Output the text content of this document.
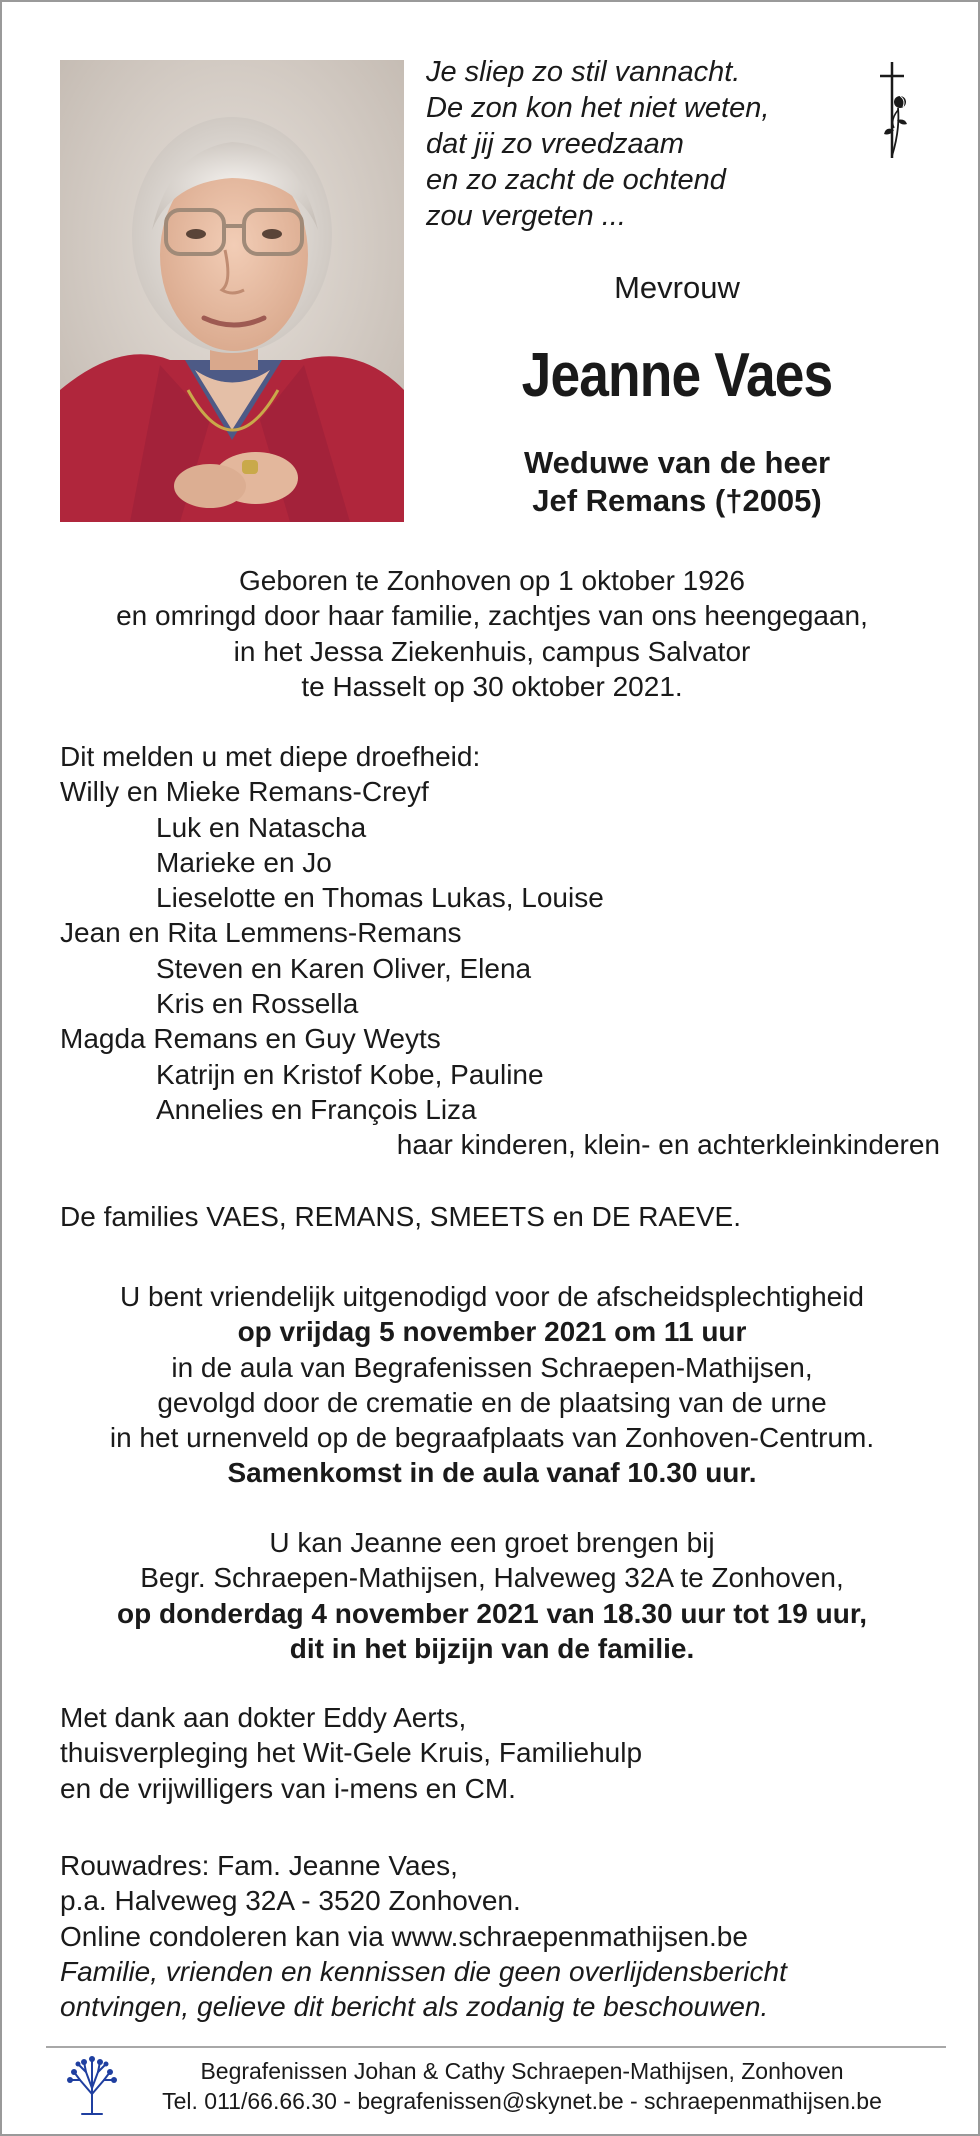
Je sliep zo stil vannacht.
De zon kon het niet weten,
dat jij zo vreedzaam
en zo zacht de ochtend
zou vergeten ...
Mevrouw
Jeanne Vaes
Weduwe van de heer
Jef Remans (†2005)
Geboren te Zonhoven op 1 oktober 1926
en omringd door haar familie, zachtjes van ons heengegaan,
in het Jessa Ziekenhuis, campus Salvator
te Hasselt op 30 oktober 2021.
Dit melden u met diepe droefheid:
Willy en Mieke Remans-Creyf
Luk en Natascha
Marieke en Jo
Lieselotte en Thomas Lukas, Louise
Jean en Rita Lemmens-Remans
Steven en Karen Oliver, Elena
Kris en Rossella
Magda Remans en Guy Weyts
Katrijn en Kristof Kobe, Pauline
Annelies en François Liza
haar kinderen, klein- en achterkleinkinderen
De families VAES, REMANS, SMEETS en DE RAEVE.
U bent vriendelijk uitgenodigd voor de afscheidsplechtigheid
op vrijdag 5 november 2021 om 11 uur
in de aula van Begrafenissen Schraepen-Mathijsen,
gevolgd door de crematie en de plaatsing van de urne
in het urnenveld op de begraafplaats van Zonhoven-Centrum.
Samenkomst in de aula vanaf 10.30 uur.
U kan Jeanne een groet brengen bij
Begr. Schraepen-Mathijsen, Halveweg 32A te Zonhoven,
op donderdag 4 november 2021 van 18.30 uur tot 19 uur,
dit in het bijzijn van de familie.
Met dank aan dokter Eddy Aerts,
thuisverpleging het Wit-Gele Kruis, Familiehulp
en de vrijwilligers van i-mens en CM.
Rouwadres: Fam. Jeanne Vaes,
p.a. Halveweg 32A - 3520 Zonhoven.
Online condoleren kan via www.schraepenmathijsen.be
Familie, vrienden en kennissen die geen overlijdensbericht
ontvingen, gelieve dit bericht als zodanig te beschouwen.
Begrafenissen Johan & Cathy Schraepen-Mathijsen, Zonhoven
Tel. 011/66.66.30 - begrafenissen@skynet.be - schraepenmathijsen.be
